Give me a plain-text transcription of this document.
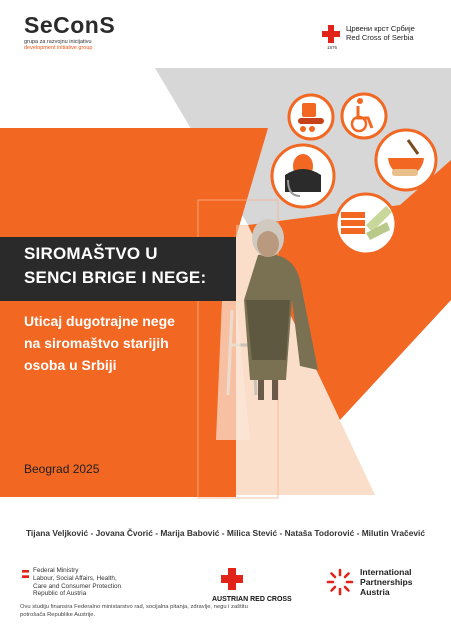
SeConS
grupa za razvojnu inicijativu
development initiative group
Црвени крст Србије
Red Cross of Serbia
1876
SIROMAŠTVO U
SENCI BRIGE I NEGE:
Uticaj dugotrajne nege
na siromaštvo starijih
osoba u Srbiji
Beograd 2025
Tijana Veljković - Jovana Čvorić - Marija Babović - Milica Stević - Nataša Todorović - Milutin Vračević
Federal Ministry
Labour, Social Affairs, Health,
Care and Consumer Protection
Republic of Austria
AUSTRIAN RED CROSS
International
Partnerships
Austria
Ovu studiju finansira Federalno ministarstvo rad, socijalna pitanja, zdravlje, negu i zaštitu potrošača Republike Austrije.
